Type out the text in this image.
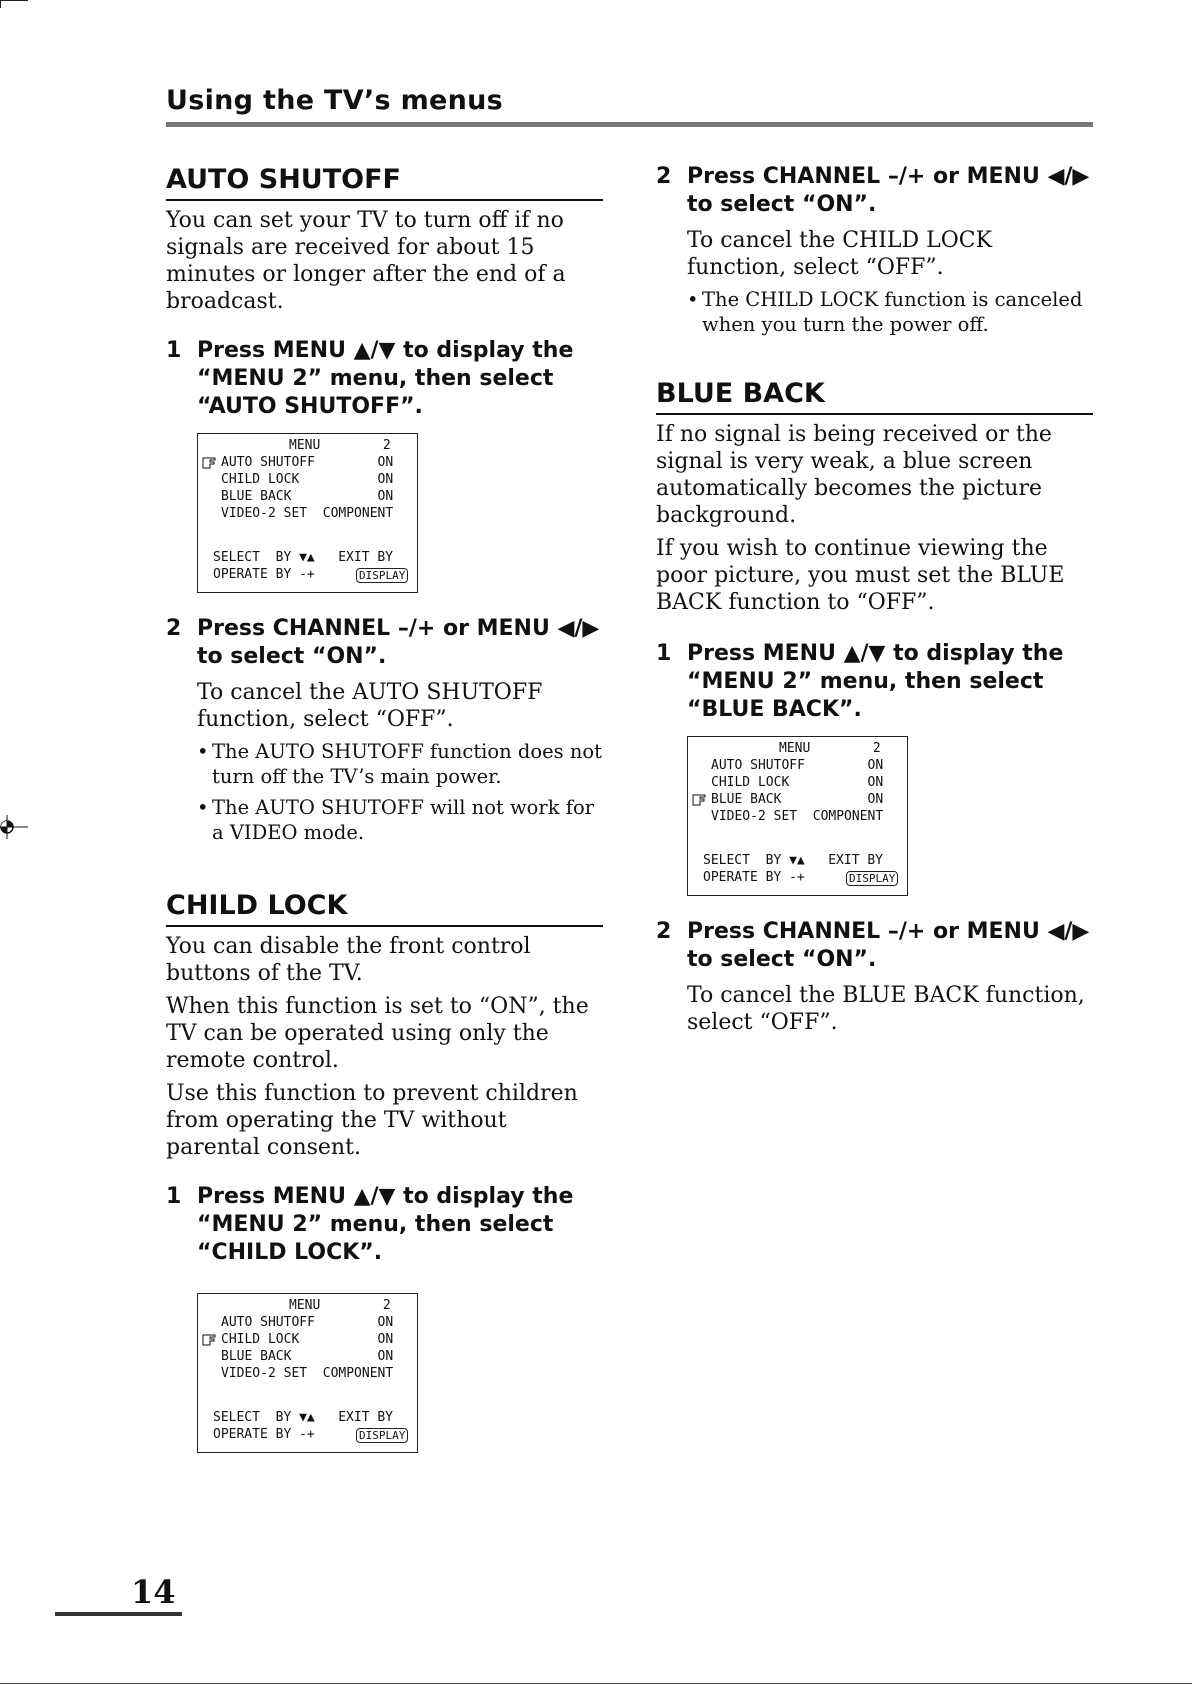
Using the TV’s menus
AUTO SHUTOFF

You can set your TV to turn off if no signals are received for about 15 minutes or longer after the end of a broadcast.

1 Press MENU ▲/▼ to display the “MENU 2” menu, then select “AUTO SHUTOFF”.
MENU        2
AUTO SHUTOFF        ON
CHILD LOCK          ON
BLUE BACK           ON
VIDEO-2 SET  COMPONENT
SELECT  BY ▼▲   EXIT BY
OPERATE BY -+	DISPLAY
2 Press CHANNEL –/+ or MENU ◀/▶ to select “ON”.

To cancel the AUTO SHUTOFF function, select “OFF”.

• The AUTO SHUTOFF function does not turn off the TV’s main power.

• The AUTO SHUTOFF will not work for a VIDEO mode.

CHILD LOCK

You can disable the front control buttons of the TV.

When this function is set to “ON”, the TV can be operated using only the remote control.

Use this function to prevent children from operating the TV without parental consent.

1 Press MENU ▲/▼ to display the “MENU 2” menu, then select “CHILD LOCK”.
MENU        2
AUTO SHUTOFF        ON
CHILD LOCK          ON
BLUE BACK           ON
VIDEO-2 SET  COMPONENT
SELECT  BY ▼▲   EXIT BY
OPERATE BY -+	DISPLAY
2 Press CHANNEL –/+ or MENU ◀/▶ to select “ON”.

To cancel the CHILD LOCK function, select “OFF”.

• The CHILD LOCK function is canceled when you turn the power off.

BLUE BACK

If no signal is being received or the signal is very weak, a blue screen automatically becomes the picture background.

If you wish to continue viewing the poor picture, you must set the BLUE BACK function to “OFF”.

1 Press MENU ▲/▼ to display the “MENU 2” menu, then select “BLUE BACK”.
MENU        2
AUTO SHUTOFF        ON
CHILD LOCK          ON
BLUE BACK           ON
VIDEO-2 SET  COMPONENT
SELECT  BY ▼▲   EXIT BY
OPERATE BY -+	DISPLAY
2 Press CHANNEL –/+ or MENU ◀/▶ to select “ON”.

To cancel the BLUE BACK function, select “OFF”.

14
